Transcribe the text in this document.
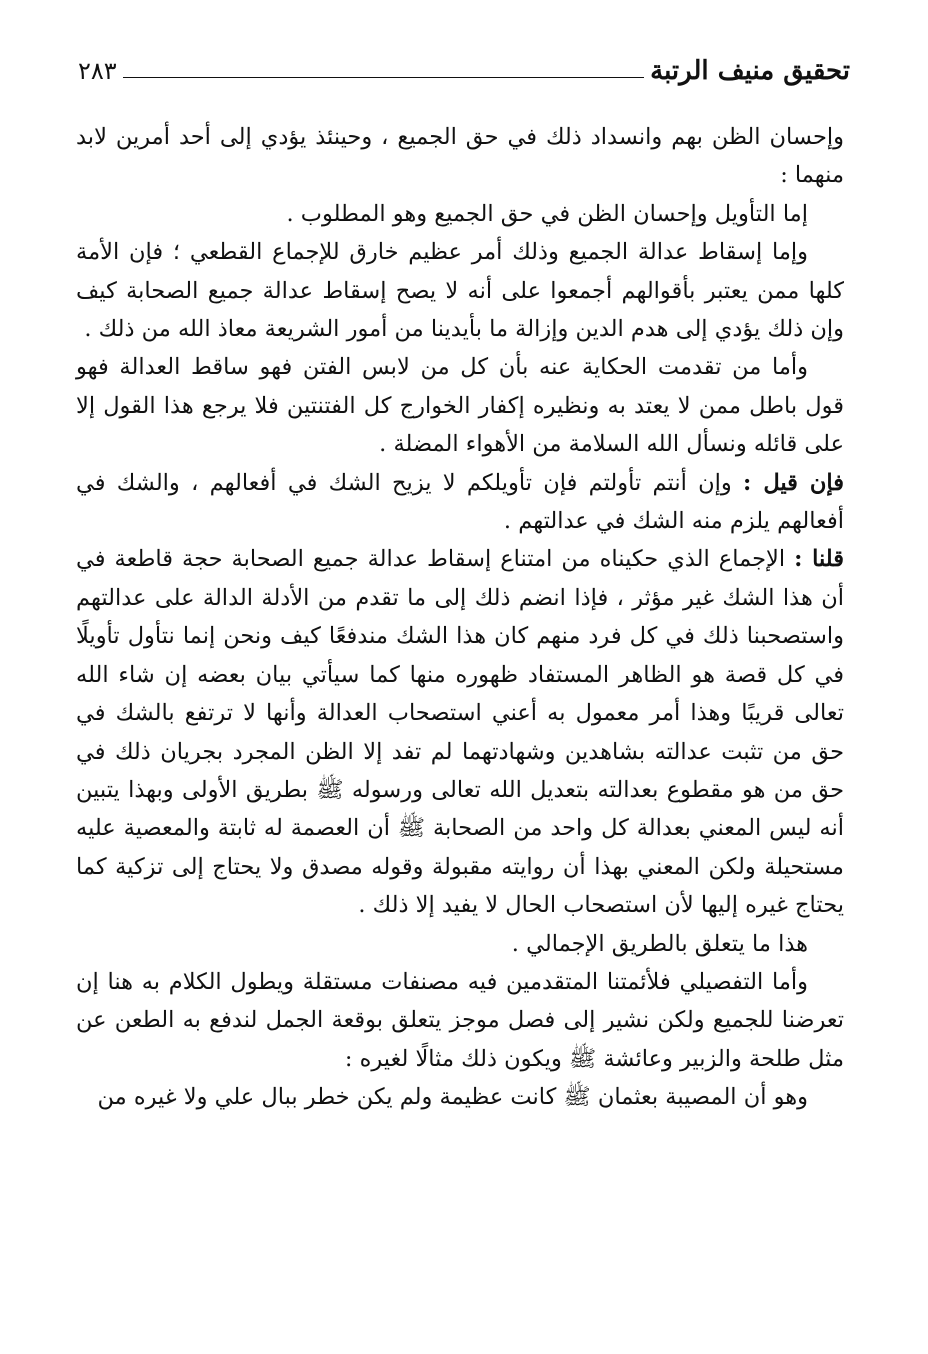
تحقيق منيف الرتبة
٢٨٣

وإحسان الظن بهم وانسداد ذلك في حق الجميع ، وحينئذ يؤدي إلى أحد أمرين لابد منهما :

إما التأويل وإحسان الظن في حق الجميع وهو المطلوب .

وإما إسقاط عدالة الجميع وذلك أمر عظيم خارق للإجماع القطعي ؛ فإن الأمة كلها ممن يعتبر بأقوالهم أجمعوا على أنه لا يصح إسقاط عدالة جميع الصحابة كيف وإن ذلك يؤدي إلى هدم الدين وإزالة ما بأيدينا من أمور الشريعة معاذ الله من ذلك .

وأما من تقدمت الحكاية عنه بأن كل من لابس الفتن فهو ساقط العدالة فهو قول باطل ممن لا يعتد به ونظيره إكفار الخوارج كل الفتنتين فلا يرجع هذا القول إلا على قائله ونسأل الله السلامة من الأهواء المضلة .

فإن قيل : وإن أنتم تأولتم فإن تأويلكم لا يزيح الشك في أفعالهم ، والشك في أفعالهم يلزم منه الشك في عدالتهم .

قلنا : الإجماع الذي حكيناه من امتناع إسقاط عدالة جميع الصحابة حجة قاطعة في أن هذا الشك غير مؤثر ، فإذا انضم ذلك إلى ما تقدم من الأدلة الدالة على عدالتهم واستصحبنا ذلك في كل فرد منهم كان هذا الشك مندفعًا كيف ونحن إنما نتأول تأويلًا في كل قصة هو الظاهر المستفاد ظهوره منها كما سيأتي بيان بعضه إن شاء الله تعالى قريبًا وهذا أمر معمول به أعني استصحاب العدالة وأنها لا ترتفع بالشك في حق من تثبت عدالته بشاهدين وشهادتهما لم تفد إلا الظن المجرد بجريان ذلك في حق من هو مقطوع بعدالته بتعديل الله تعالى ورسوله ﷺ بطريق الأولى وبهذا يتبين أنه ليس المعني بعدالة كل واحد من الصحابة ﷺ أن العصمة له ثابتة والمعصية عليه مستحيلة ولكن المعني بهذا أن روايته مقبولة وقوله مصدق ولا يحتاج إلى تزكية كما يحتاج غيره إليها لأن استصحاب الحال لا يفيد إلا ذلك .

هذا ما يتعلق بالطريق الإجمالي .

وأما التفصيلي فلأئمتنا المتقدمين فيه مصنفات مستقلة ويطول الكلام به هنا إن تعرضنا للجميع ولكن نشير إلى فصل موجز يتعلق بوقعة الجمل لندفع به الطعن عن مثل طلحة والزبير وعائشة ﷺ ويكون ذلك مثالًا لغيره :

وهو أن المصيبة بعثمان ﷺ كانت عظيمة ولم يكن خطر ببال علي ولا غيره من
